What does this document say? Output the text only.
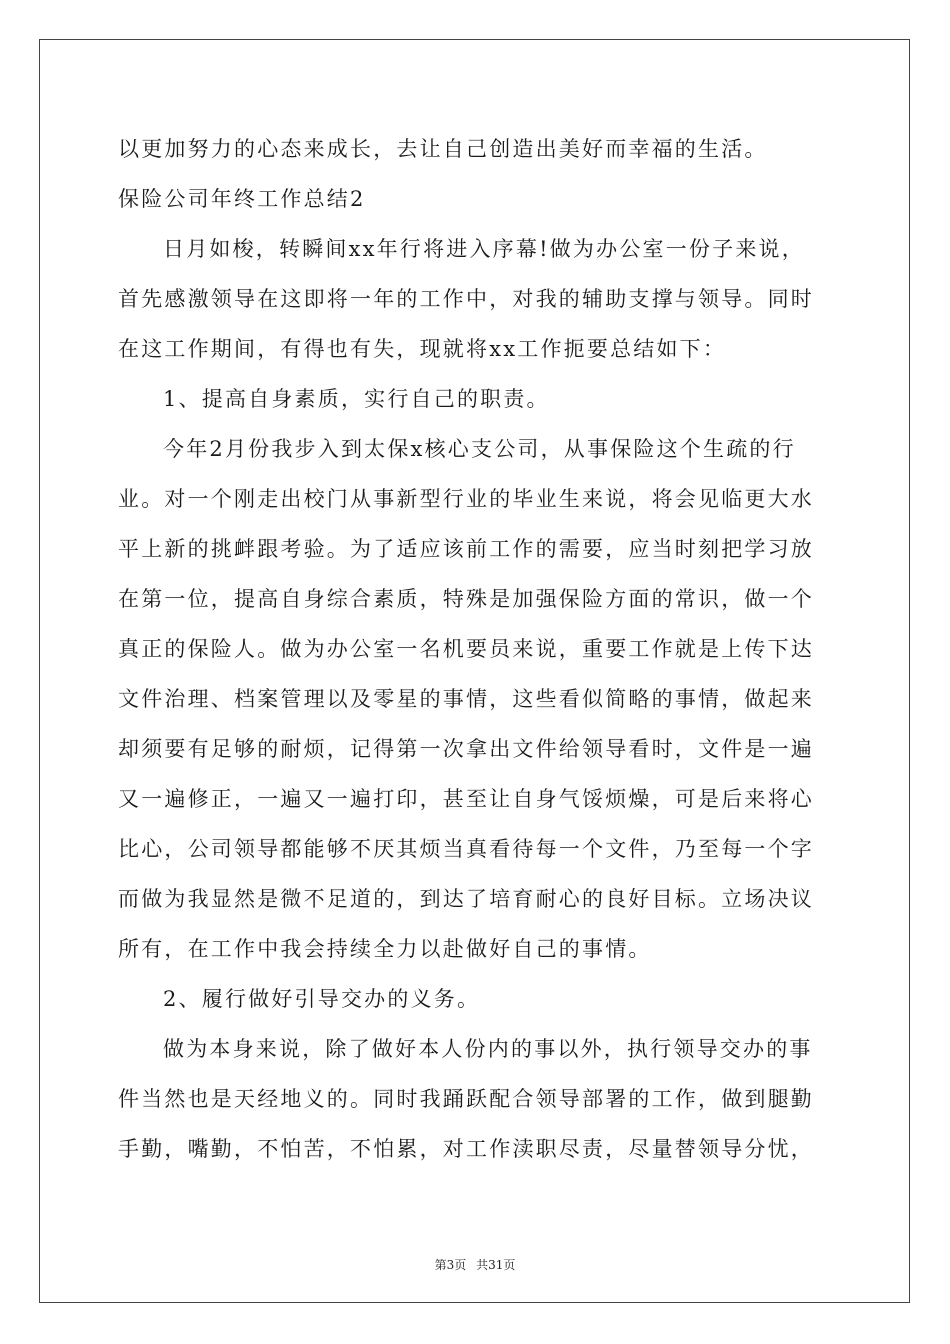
以更加努力的心态来成长，去让自己创造出美好而幸福的生活。
保险公司年终工作总结2
日月如梭，转瞬间xx年行将进入序幕!做为办公室一份子来说，
首先感激领导在这即将一年的工作中，对我的辅助支撑与领导。同时
在这工作期间，有得也有失，现就将xx工作扼要总结如下：
1、提高自身素质，实行自己的职责。
今年2月份我步入到太保x核心支公司，从事保险这个生疏的行
业。对一个刚走出校门从事新型行业的毕业生来说，将会见临更大水
平上新的挑衅跟考验。为了适应该前工作的需要，应当时刻把学习放
在第一位，提高自身综合素质，特殊是加强保险方面的常识，做一个
真正的保险人。做为办公室一名机要员来说，重要工作就是上传下达
文件治理、档案管理以及零星的事情，这些看似简略的事情，做起来
却须要有足够的耐烦，记得第一次拿出文件给领导看时，文件是一遍
又一遍修正，一遍又一遍打印，甚至让自身气馁烦燥，可是后来将心
比心，公司领导都能够不厌其烦当真看待每一个文件，乃至每一个字
而做为我显然是微不足道的，到达了培育耐心的良好目标。立场决议
所有，在工作中我会持续全力以赴做好自己的事情。
2、履行做好引导交办的义务。
做为本身来说，除了做好本人份内的事以外，执行领导交办的事
件当然也是天经地义的。同时我踊跃配合领导部署的工作，做到腿勤
手勤，嘴勤，不怕苦，不怕累，对工作渎职尽责，尽量替领导分忧，
第3页 共31页
